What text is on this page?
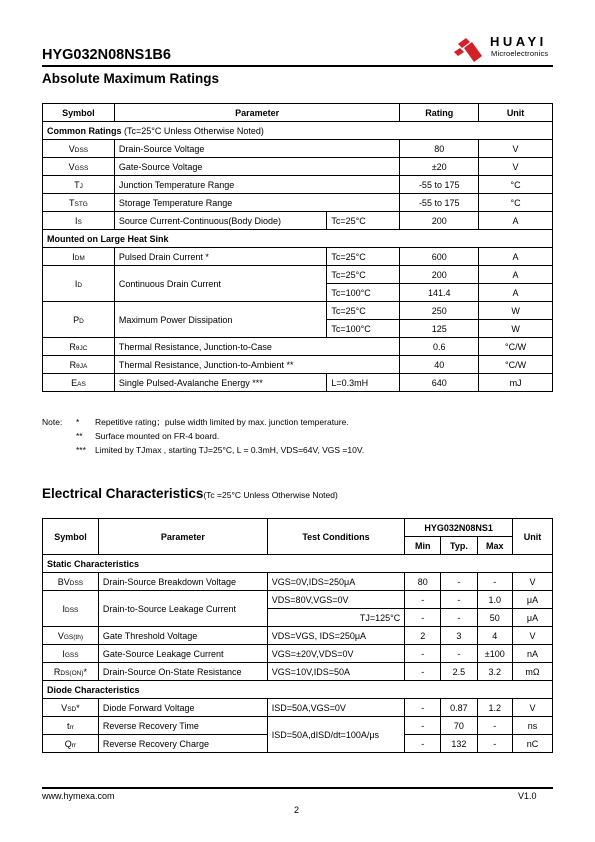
HYG032N08NS1B6
HUAYI
Microelectronics
Absolute Maximum Ratings
Symbol	Parameter		Rating	Unit
Common Ratings (Tc=25°C Unless Otherwise Noted)				
VDSS	Drain-Source Voltage		80	V
VGSS	Gate-Source Voltage		±20	V
TJ	Junction Temperature Range		-55 to 175	°C
TSTG	Storage Temperature Range		-55 to 175	°C
IS	Source Current-Continuous(Body Diode)	Tc=25°C	200	A
Mounted on Large Heat Sink				
IDM	Pulsed Drain Current *	Tc=25°C	600	A
ID	Continuous Drain Current	Tc=25°C	200	A
		Tc=100°C	141.4	A
PD	Maximum Power Dissipation	Tc=25°C	250	W
		Tc=100°C	125	W
RθJC	Thermal Resistance, Junction-to-Case		0.6	°C/W
RθJA	Thermal Resistance, Junction-to-Ambient **		40	°C/W
EAS	Single Pulsed-Avalanche Energy ***	L=0.3mH	640	mJ
Note: * Repetitive rating；pulse width limited by max. junction temperature.
** Surface mounted on FR-4 board.
*** Limited by TJmax , starting TJ=25°C, L = 0.3mH, VDS=64V, VGS =10V.
Electrical Characteristics(Tc =25°C Unless Otherwise Noted)
Symbol	Parameter	Test Conditions		HYG032N08NS1			Unit
				Min	Typ.	Max	
Static Characteristics							
BVDSS	Drain-Source Breakdown Voltage	VGS=0V,IDS=250μA		80	-	-	V
IDSS	Drain-to-Source Leakage Current	VDS=80V,VGS=0V		-	-	1.0	μA
			TJ=125°C	-	-	50	μA
VGS(th)	Gate Threshold Voltage	VDS=VGS, IDS=250μA		2	3	4	V
IGSS	Gate-Source Leakage Current	VGS=±20V,VDS=0V		-	-	±100	nA
RDS(ON)*	Drain-Source On-State Resistance	VGS=10V,IDS=50A		-	2.5	3.2	mΩ
Diode Characteristics							
VSD*	Diode Forward Voltage	ISD=50A,VGS=0V		-	0.87	1.2	V
trr	Reverse Recovery Time	ISD=50A,dISD/dt=100A/μs		-	70	-	ns
Qrr	Reverse Recovery Charge			-	132	-	nC
www.hymexa.com	V1.0
2
